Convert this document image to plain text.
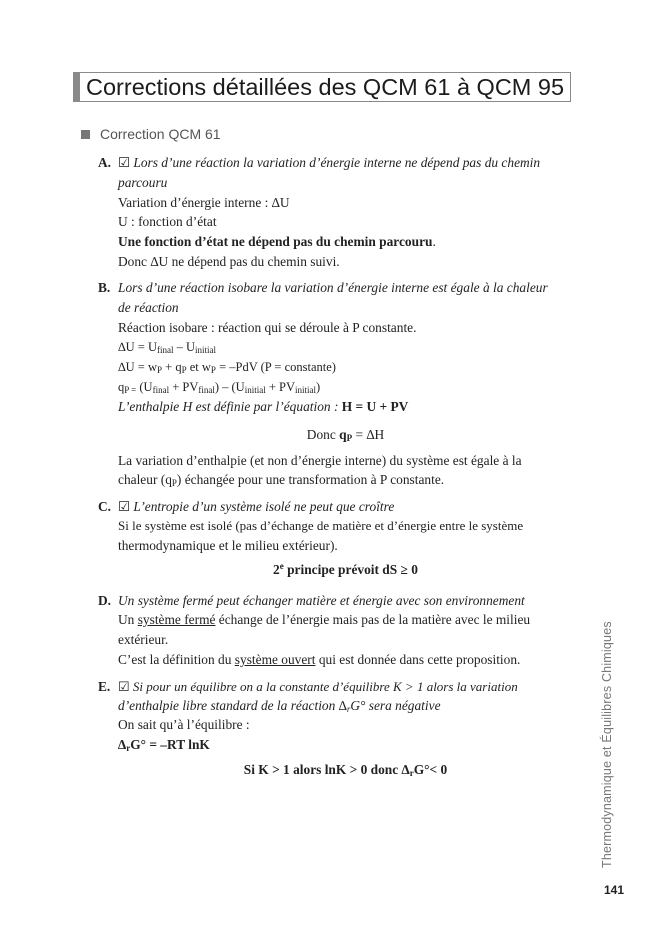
Corrections détaillées des QCM 61 à QCM 95
Correction QCM 61
A. ☑ Lors d’une réaction la variation d’énergie interne ne dépend pas du chemin
parcouru
Variation d’énergie interne : ∆U
U : fonction d’état
Une fonction d’état ne dépend pas du chemin parcouru.
Donc ∆U ne dépend pas du chemin suivi.
B. Lors d’une réaction isobare la variation d’énergie interne est égale à la chaleur
de réaction
Réaction isobare : réaction qui se déroule à P constante.
$\Delta U = U_{final} - U_{initial}$
$\Delta U = w_P + q_P$ et $w_P = -PdV$ (P = constante)
$q_{P =}$ $(U_{final} + PV_{final}) - (U_{initial} + PV_{initial})$
L’enthalpie H est définie par l’équation : H = U + PV
Donc $q_P = \Delta H$
La variation d’enthalpie (et non d’énergie interne) du système est égale à la
chaleur $(q_P)$ échangée pour une transformation à P constante.
C. ☑ L’entropie d’un système isolé ne peut que croître
Si le système est isolé (pas d’échange de matière et d’énergie entre le système
thermodynamique et le milieu extérieur).
2e principe prévoit dS ≥ 0
D. Un système fermé peut échanger matière et énergie avec son environnement
Un système fermé échange de l’énergie mais pas de la matière avec le milieu
extérieur.
C’est la définition du système ouvert qui est donnée dans cette proposition.
E. ☑ Si pour un équilibre on a la constante d’équilibre K > 1 alors la variation
d’enthalpie libre standard de la réaction $\Delta_rG^\circ$ sera négative
On sait qu’à l’équilibre :
$\Delta_rG^\circ = -RT$ lnK
Si K > 1 alors lnK > 0 donc $\Delta_rG^\circ< 0$	Thermodynamique et Équilibres Chimiques
141
